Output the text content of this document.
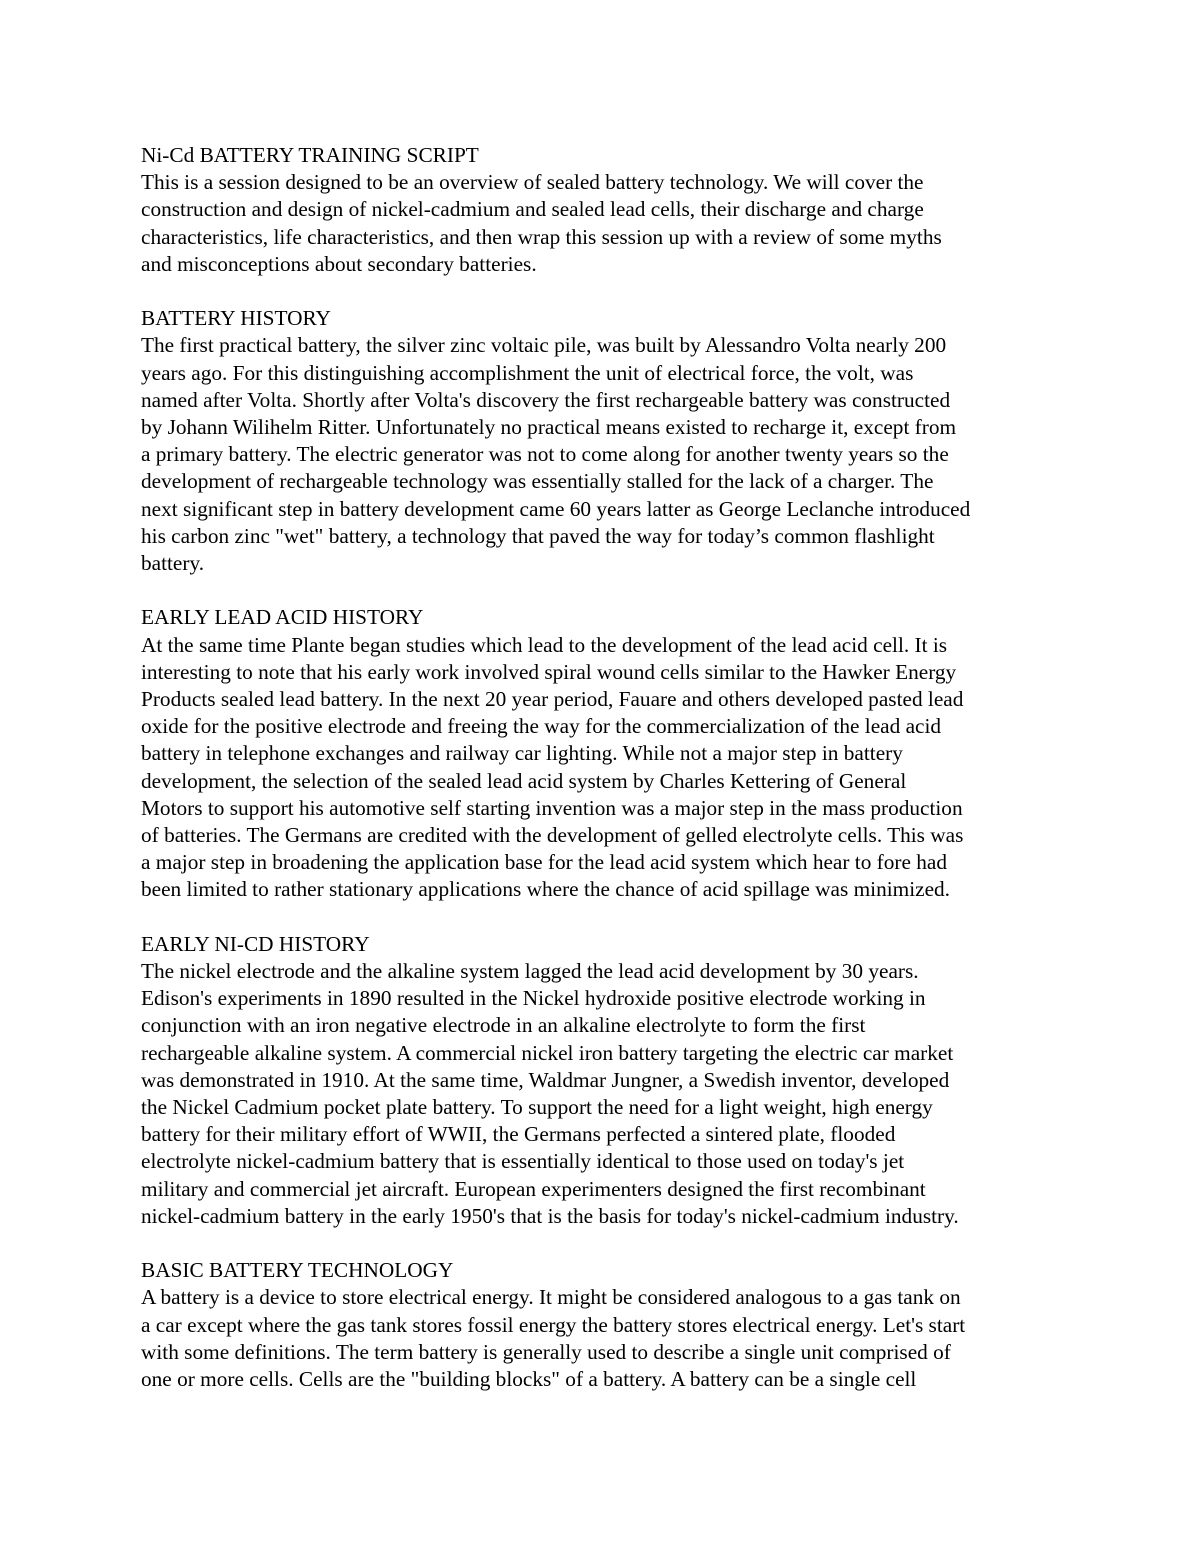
Ni-Cd BATTERY TRAINING SCRIPT
This is a session designed to be an overview of sealed battery technology. We will cover the
construction and design of nickel-cadmium and sealed lead cells, their discharge and charge
characteristics, life characteristics, and then wrap this session up with a review of some myths
and misconceptions about secondary batteries.
BATTERY HISTORY
The first practical battery, the silver zinc voltaic pile, was built by Alessandro Volta nearly 200
years ago. For this distinguishing accomplishment the unit of electrical force, the volt, was
named after Volta. Shortly after Volta's discovery the first rechargeable battery was constructed
by Johann Wilihelm Ritter. Unfortunately no practical means existed to recharge it, except from
a primary battery. The electric generator was not to come along for another twenty years so the
development of rechargeable technology was essentially stalled for the lack of a charger. The
next significant step in battery development came 60 years latter as George Leclanche introduced
his carbon zinc "wet" battery, a technology that paved the way for today’s common flashlight
battery.
EARLY LEAD ACID HISTORY
At the same time Plante began studies which lead to the development of the lead acid cell. It is
interesting to note that his early work involved spiral wound cells similar to the Hawker Energy
Products sealed lead battery. In the next 20 year period, Fauare and others developed pasted lead
oxide for the positive electrode and freeing the way for the commercialization of the lead acid
battery in telephone exchanges and railway car lighting. While not a major step in battery
development, the selection of the sealed lead acid system by Charles Kettering of General
Motors to support his automotive self starting invention was a major step in the mass production
of batteries. The Germans are credited with the development of gelled electrolyte cells. This was
a major step in broadening the application base for the lead acid system which hear to fore had
been limited to rather stationary applications where the chance of acid spillage was minimized.
EARLY NI-CD HISTORY
The nickel electrode and the alkaline system lagged the lead acid development by 30 years.
Edison's experiments in 1890 resulted in the Nickel hydroxide positive electrode working in
conjunction with an iron negative electrode in an alkaline electrolyte to form the first
rechargeable alkaline system. A commercial nickel iron battery targeting the electric car market
was demonstrated in 1910. At the same time, Waldmar Jungner, a Swedish inventor, developed
the Nickel Cadmium pocket plate battery. To support the need for a light weight, high energy
battery for their military effort of WWII, the Germans perfected a sintered plate, flooded
electrolyte nickel-cadmium battery that is essentially identical to those used on today's jet
military and commercial jet aircraft. European experimenters designed the first recombinant
nickel-cadmium battery in the early 1950's that is the basis for today's nickel-cadmium industry.
BASIC BATTERY TECHNOLOGY
A battery is a device to store electrical energy. It might be considered analogous to a gas tank on
a car except where the gas tank stores fossil energy the battery stores electrical energy. Let's start
with some definitions. The term battery is generally used to describe a single unit comprised of
one or more cells. Cells are the "building blocks" of a battery. A battery can be a single cell
